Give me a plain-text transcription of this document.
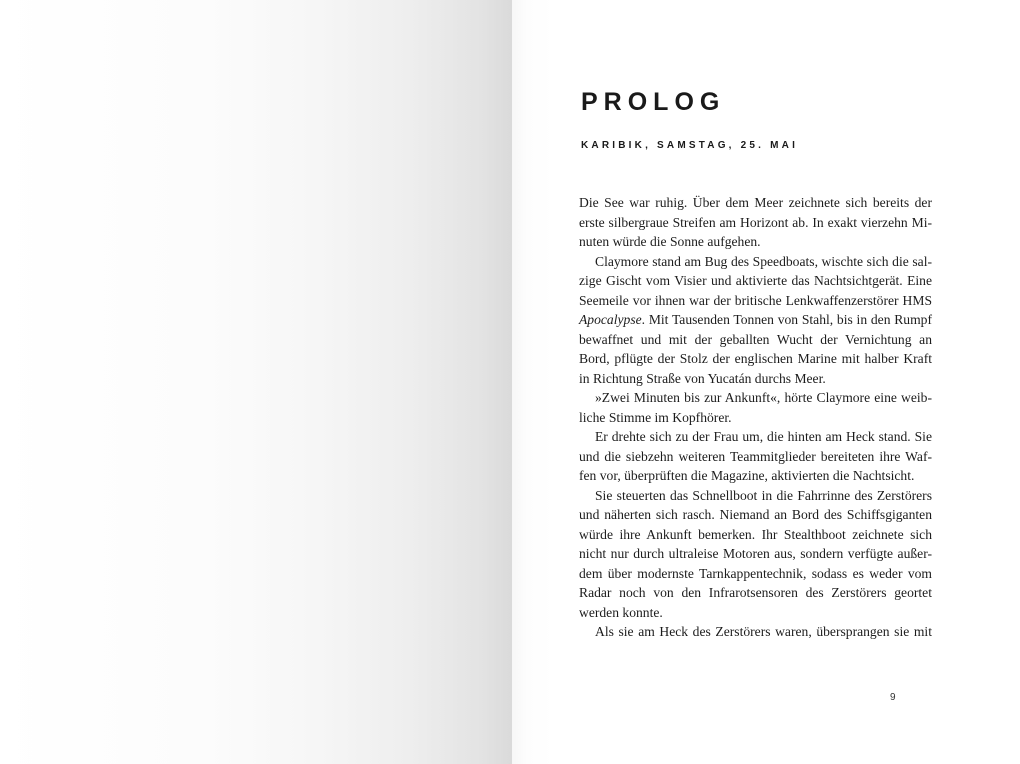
PROLOG
KARIBIK, SAMSTAG, 25. MAI
Die See war ruhig. Über dem Meer zeichnete sich bereits der
erste silbergraue Streifen am Horizont ab. In exakt vierzehn Mi-
nuten würde die Sonne aufgehen.
Claymore stand am Bug des Speedboats, wischte sich die sal-
zige Gischt vom Visier und aktivierte das Nachtsichtgerät. Eine
Seemeile vor ihnen war der britische Lenkwaffenzerstörer HMS
Apocalypse. Mit Tausenden Tonnen von Stahl, bis in den Rumpf
bewaffnet und mit der geballten Wucht der Vernichtung an
Bord, pflügte der Stolz der englischen Marine mit halber Kraft
in Richtung Straße von Yucatán durchs Meer.
»Zwei Minuten bis zur Ankunft«, hörte Claymore eine weib-
liche Stimme im Kopfhörer.
Er drehte sich zu der Frau um, die hinten am Heck stand. Sie
und die siebzehn weiteren Teammitglieder bereiteten ihre Waf-
fen vor, überprüften die Magazine, aktivierten die Nachtsicht.
Sie steuerten das Schnellboot in die Fahrrinne des Zerstörers
und näherten sich rasch. Niemand an Bord des Schiffsgiganten
würde ihre Ankunft bemerken. Ihr Stealthboot zeichnete sich
nicht nur durch ultraleise Motoren aus, sondern verfügte außer-
dem über modernste Tarnkappentechnik, sodass es weder vom
Radar noch von den Infrarotsensoren des Zerstörers geortet
werden konnte.
Als sie am Heck des Zerstörers waren, übersprangen sie mit
9
